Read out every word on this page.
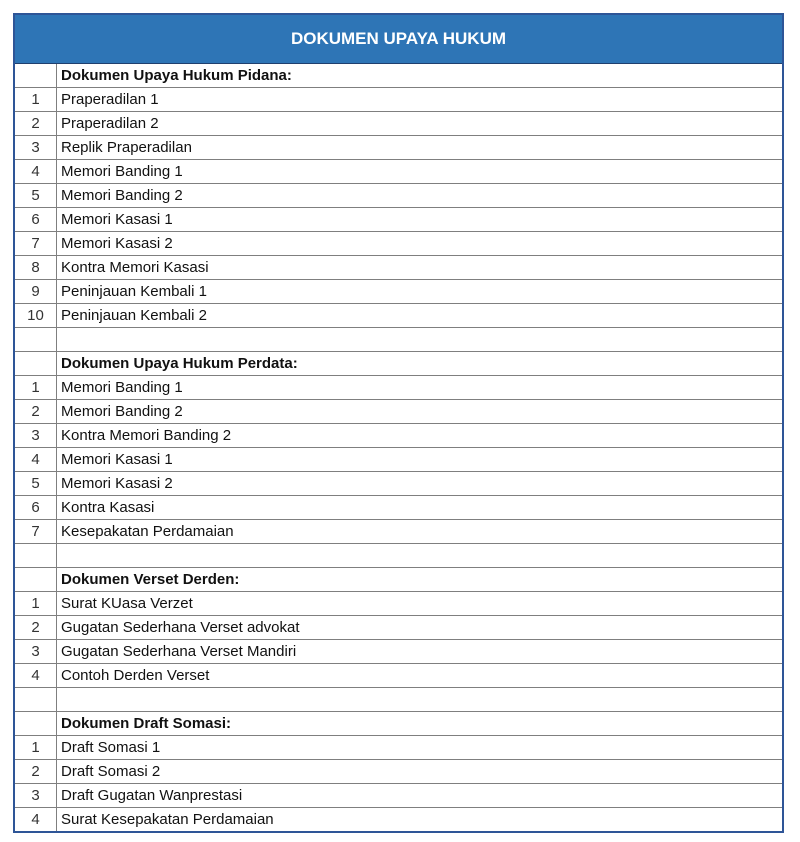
DOKUMEN UPAYA HUKUM
	Dokumen Upaya Hukum Pidana:
1	Praperadilan 1
2	Praperadilan 2
3	Replik Praperadilan
4	Memori Banding 1
5	Memori Banding 2
6	Memori Kasasi 1
7	Memori Kasasi 2
8	Kontra Memori Kasasi
9	Peninjauan Kembali 1
10	Peninjauan Kembali 2

	Dokumen Upaya Hukum Perdata:
1	Memori Banding 1
2	Memori Banding 2
3	Kontra Memori Banding 2
4	Memori Kasasi 1
5	Memori Kasasi 2
6	Kontra Kasasi
7	Kesepakatan Perdamaian

	Dokumen Verset Derden:
1	Surat KUasa Verzet
2	Gugatan Sederhana Verset advokat
3	Gugatan Sederhana Verset Mandiri
4	Contoh Derden Verset

	Dokumen Draft Somasi:
1	Draft Somasi 1
2	Draft Somasi 2
3	Draft Gugatan Wanprestasi
4	Surat Kesepakatan Perdamaian
